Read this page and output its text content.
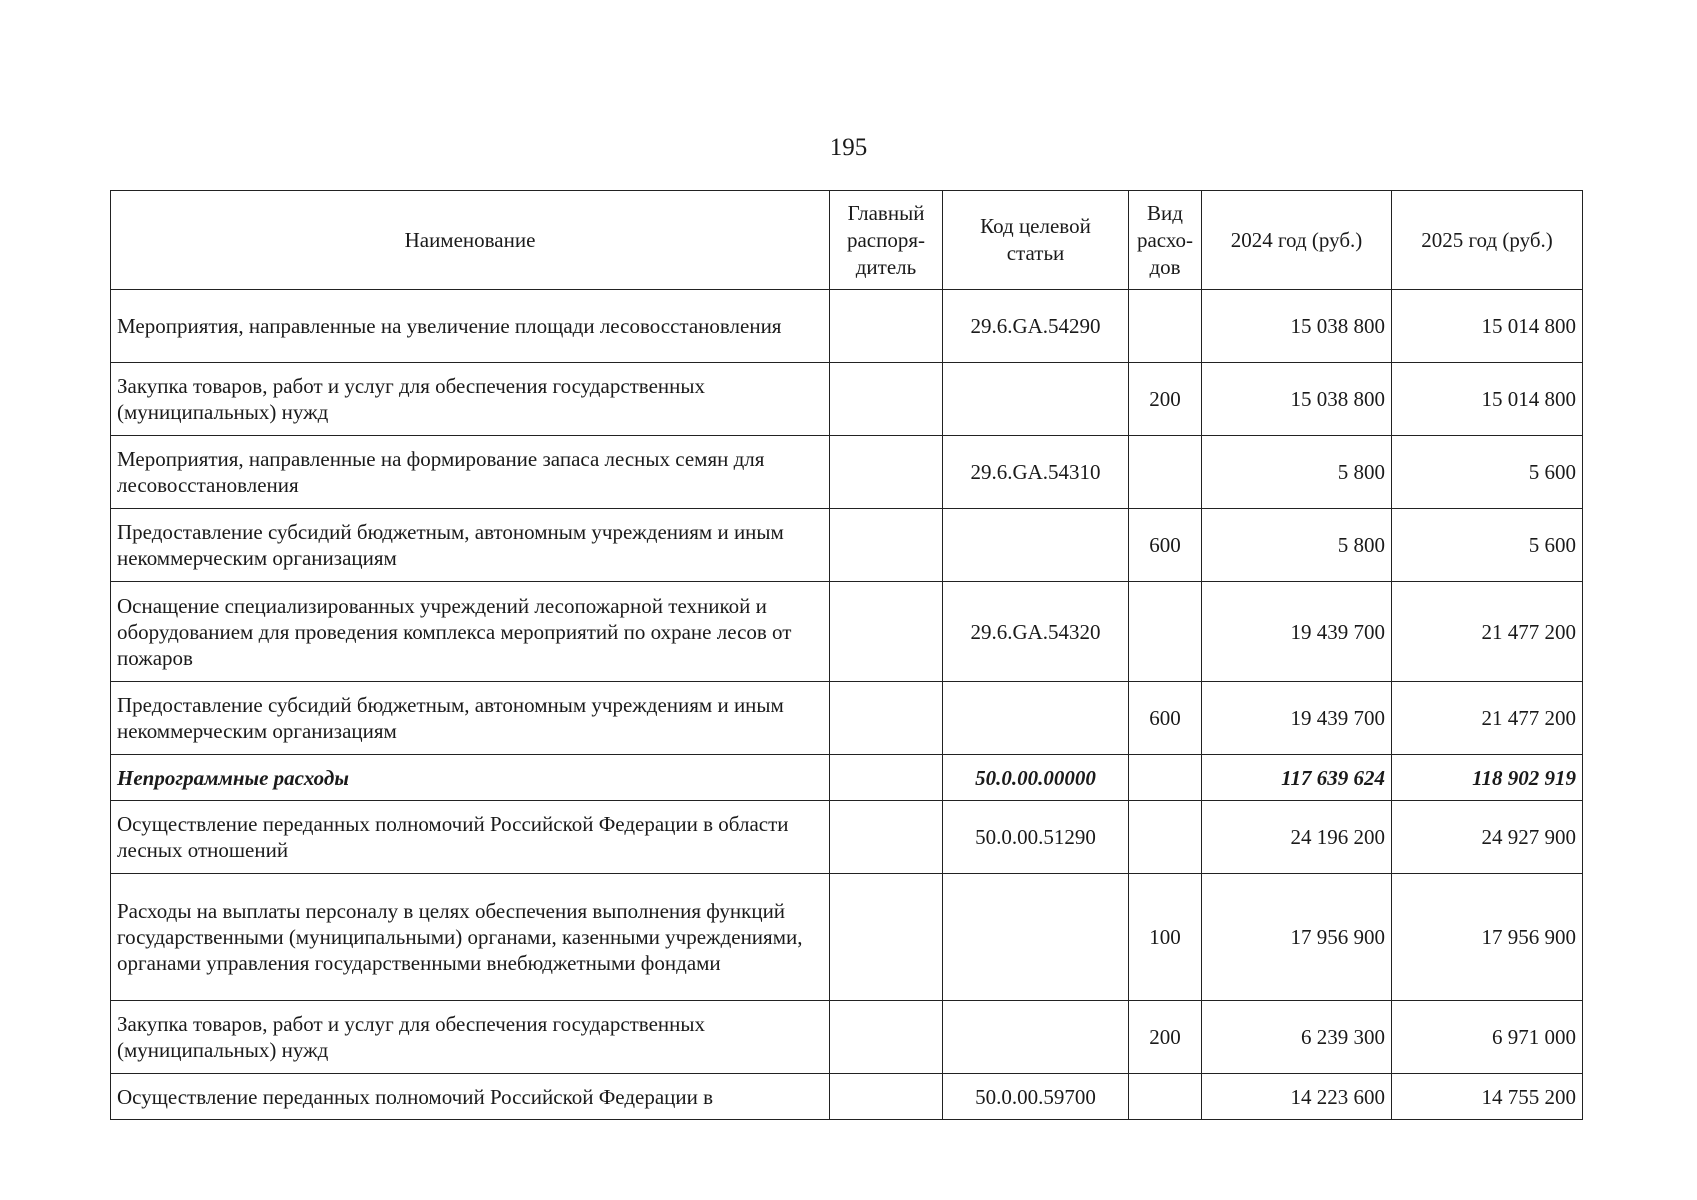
195
Наименование	Главный распоря-дитель	Код целевой статьи	Вид расхо-дов	2024 год (руб.)	2025 год (руб.)
Мероприятия, направленные на увеличение площади лесовосстановления		29.6.GA.54290		15 038 800	15 014 800
Закупка товаров, работ и услуг для обеспечения государственных (муниципальных) нужд			200	15 038 800	15 014 800
Мероприятия, направленные на формирование запаса лесных семян для лесовосстановления		29.6.GA.54310		5 800	5 600
Предоставление субсидий бюджетным, автономным учреждениям и иным некоммерческим организациям			600	5 800	5 600
Оснащение специализированных учреждений лесопожарной техникой и оборудованием для проведения комплекса мероприятий по охране лесов от пожаров		29.6.GA.54320		19 439 700	21 477 200
Предоставление субсидий бюджетным, автономным учреждениям и иным некоммерческим организациям			600	19 439 700	21 477 200
Непрограммные расходы		50.0.00.00000		117 639 624	118 902 919
Осуществление переданных полномочий Российской Федерации в области лесных отношений		50.0.00.51290		24 196 200	24 927 900
Расходы на выплаты персоналу в целях обеспечения выполнения функций государственными (муниципальными) органами, казенными учреждениями, органами управления государственными внебюджетными фондами			100	17 956 900	17 956 900
Закупка товаров, работ и услуг для обеспечения государственных (муниципальных) нужд			200	6 239 300	6 971 000
Осуществление переданных полномочий Российской Федерации в		50.0.00.59700		14 223 600	14 755 200
